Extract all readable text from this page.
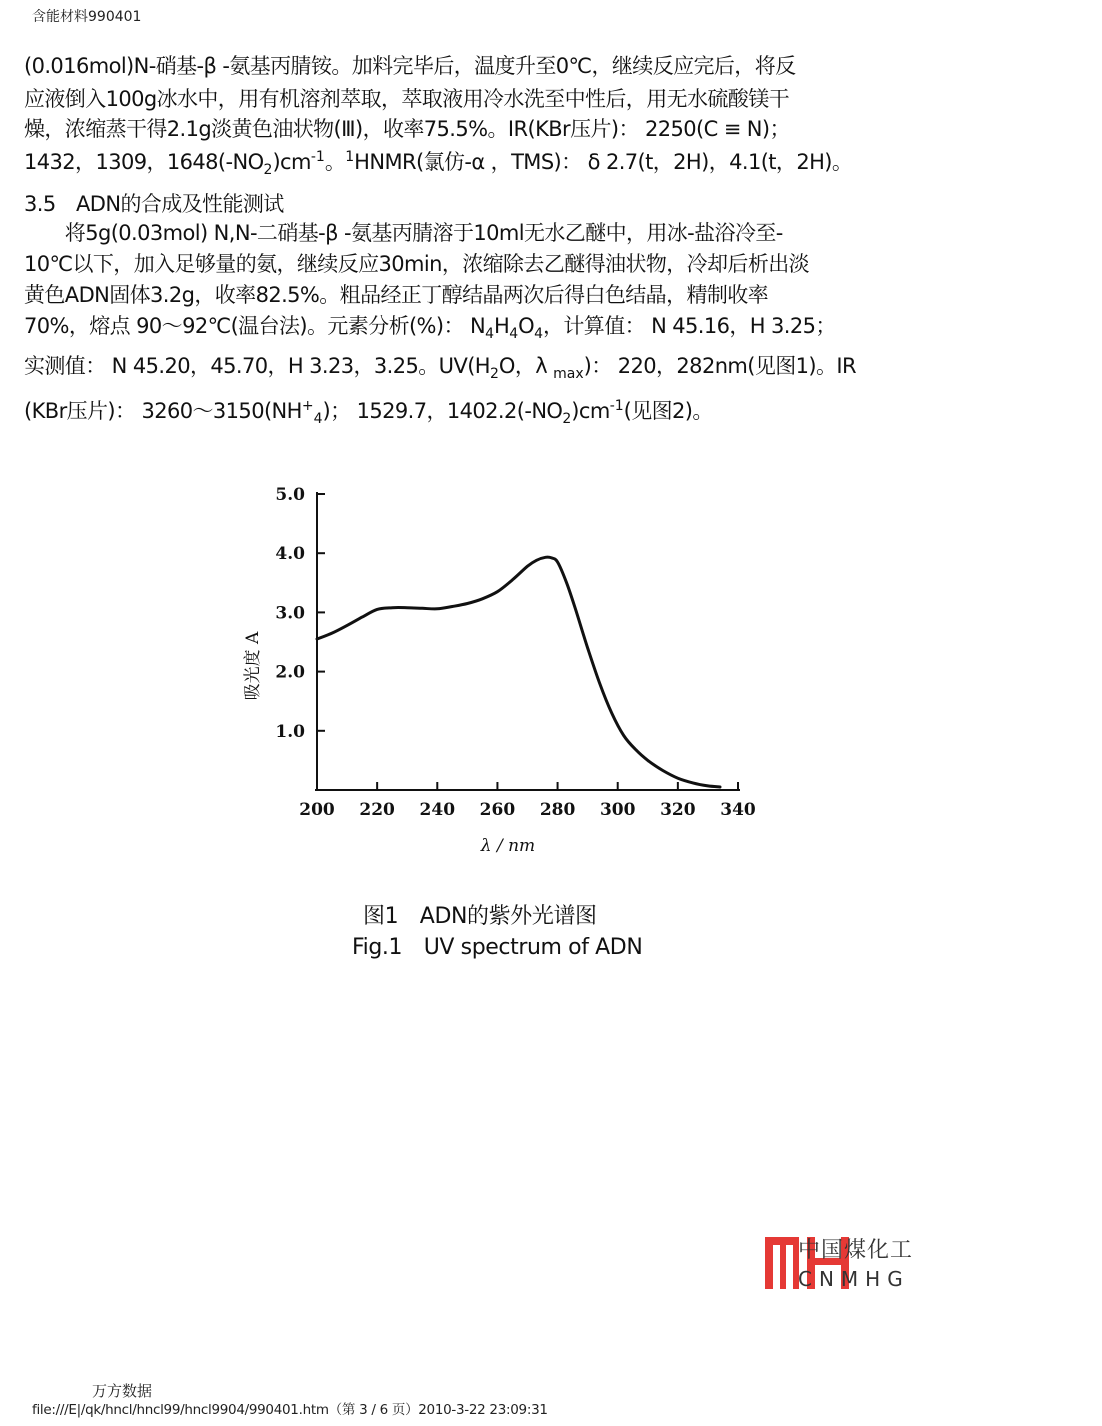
含能材料990401
(0.016mol)N-硝基-β -氨基丙腈铵。加料完毕后，温度升至0℃，继续反应完后，将反
应液倒入100g冰水中，用有机溶剂萃取，萃取液用冷水洗至中性后，用无水硫酸镁干
燥，浓缩蒸干得2.1g淡黄色油状物(Ⅲ)，收率75.5%。IR(KBr压片)： 2250(C ≡ N)；
1432，1309，$1648(-NO_2)cm^{-1}$。$^1$HNMR(氯仿-α ，TMS)： δ 2.7(t，2H)，4.1(t，2H)。
3.5　ADN的合成及性能测试
　　将5g(0.03mol) N,N-二硝基-β -氨基丙腈溶于10ml无水乙醚中，用冰-盐浴冷至-
10℃以下，加入足够量的氨，继续反应30min，浓缩除去乙醚得油状物，冷却后析出淡
黄色ADN固体3.2g，收率82.5%。粗品经正丁醇结晶两次后得白色结晶，精制收率
70%，熔点 90～92℃(温台法)。元素分析(%)： $N_4H_4O_4$，计算值： N 45.16，H 3.25；
实测值： N 45.20，45.70，H 3.23，3.25。$UV(H_2O$，λ $_{max}$)： 220，282nm(见图1)。IR
(KBr压片)： $3260\sim 3150(NH^+_4)$； 1529.7，$1402.2(-NO_2)cm^{-1}$(见图2)。
1.0
2.0
3.0
4.0
5.0
200 220 240 260 280 300 320 340
λ / nm
吸光度 A
图1　ADN的紫外光谱图
Fig.1　UV spectrum of ADN
中国煤化工
CNMHG
万方数据
file:///E|/qk/hncl/hncl99/hncl9904/990401.htm（第 3 / 6 页）2010-3-22 23:09:31
